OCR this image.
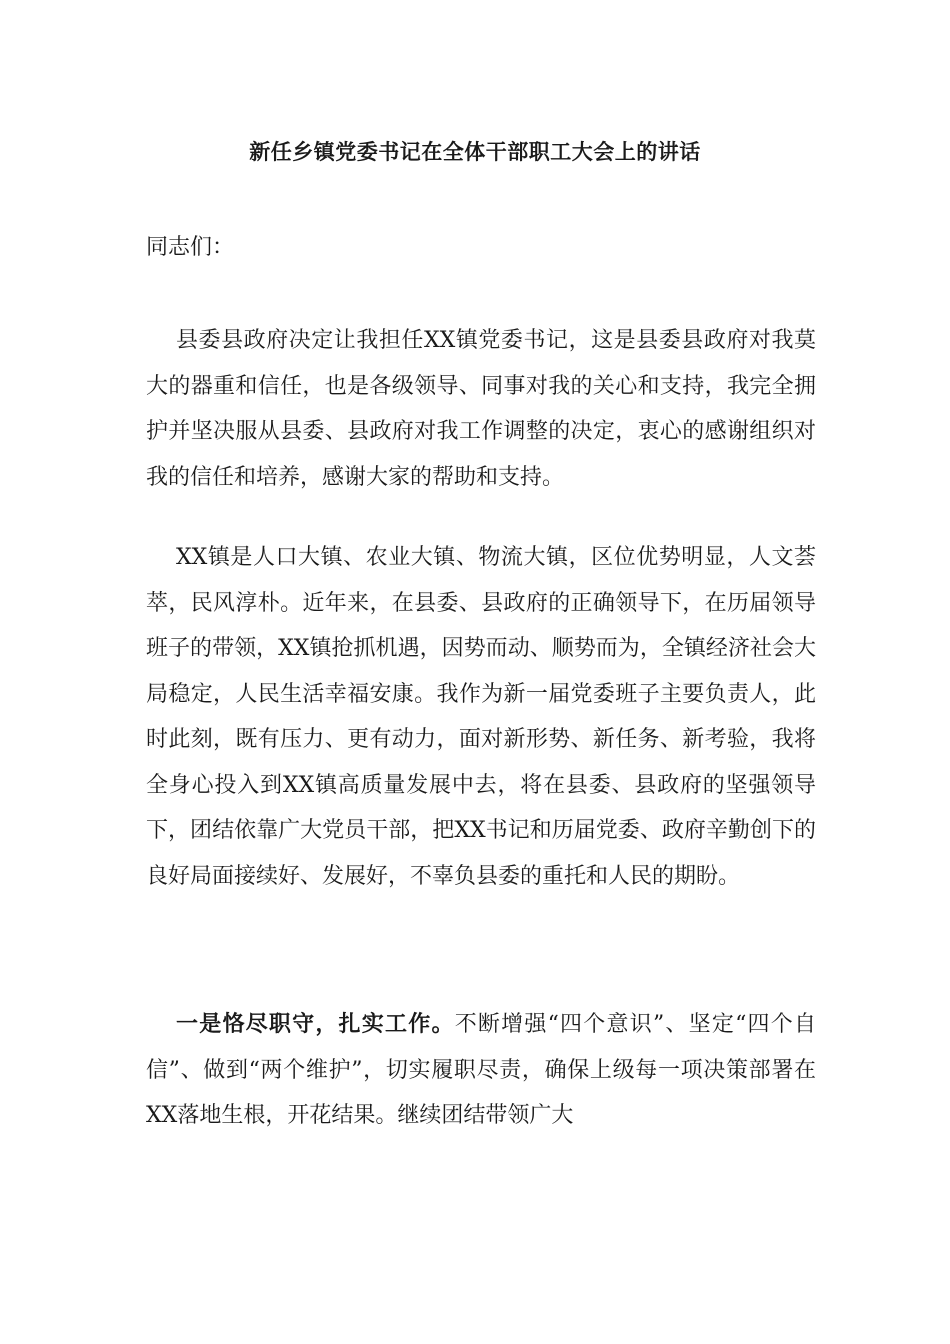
新任乡镇党委书记在全体干部职工大会上的讲话
同志们：

县委县政府决定让我担任XX镇党委书记，这是县委县政府对我莫大的器重和信任，也是各级领导、同事对我的关心和支持，我完全拥护并坚决服从县委、县政府对我工作调整的决定，衷心的感谢组织对我的信任和培养，感谢大家的帮助和支持。

XX镇是人口大镇、农业大镇、物流大镇，区位优势明显，人文荟萃，民风淳朴。近年来，在县委、县政府的正确领导下，在历届领导班子的带领，XX镇抢抓机遇，因势而动、顺势而为，全镇经济社会大局稳定，人民生活幸福安康。我作为新一届党委班子主要负责人，此时此刻，既有压力、更有动力，面对新形势、新任务、新考验，我将全身心投入到XX镇高质量发展中去，将在县委、县政府的坚强领导下，团结依靠广大党员干部，把XX书记和历届党委、政府辛勤创下的良好局面接续好、发展好，不辜负县委的重托和人民的期盼。

一是恪尽职守，扎实工作。不断增强“四个意识”、坚定“四个自信”、做到“两个维护”，切实履职尽责，确保上级每一项决策部署在XX落地生根，开花结果。继续团结带领广大
